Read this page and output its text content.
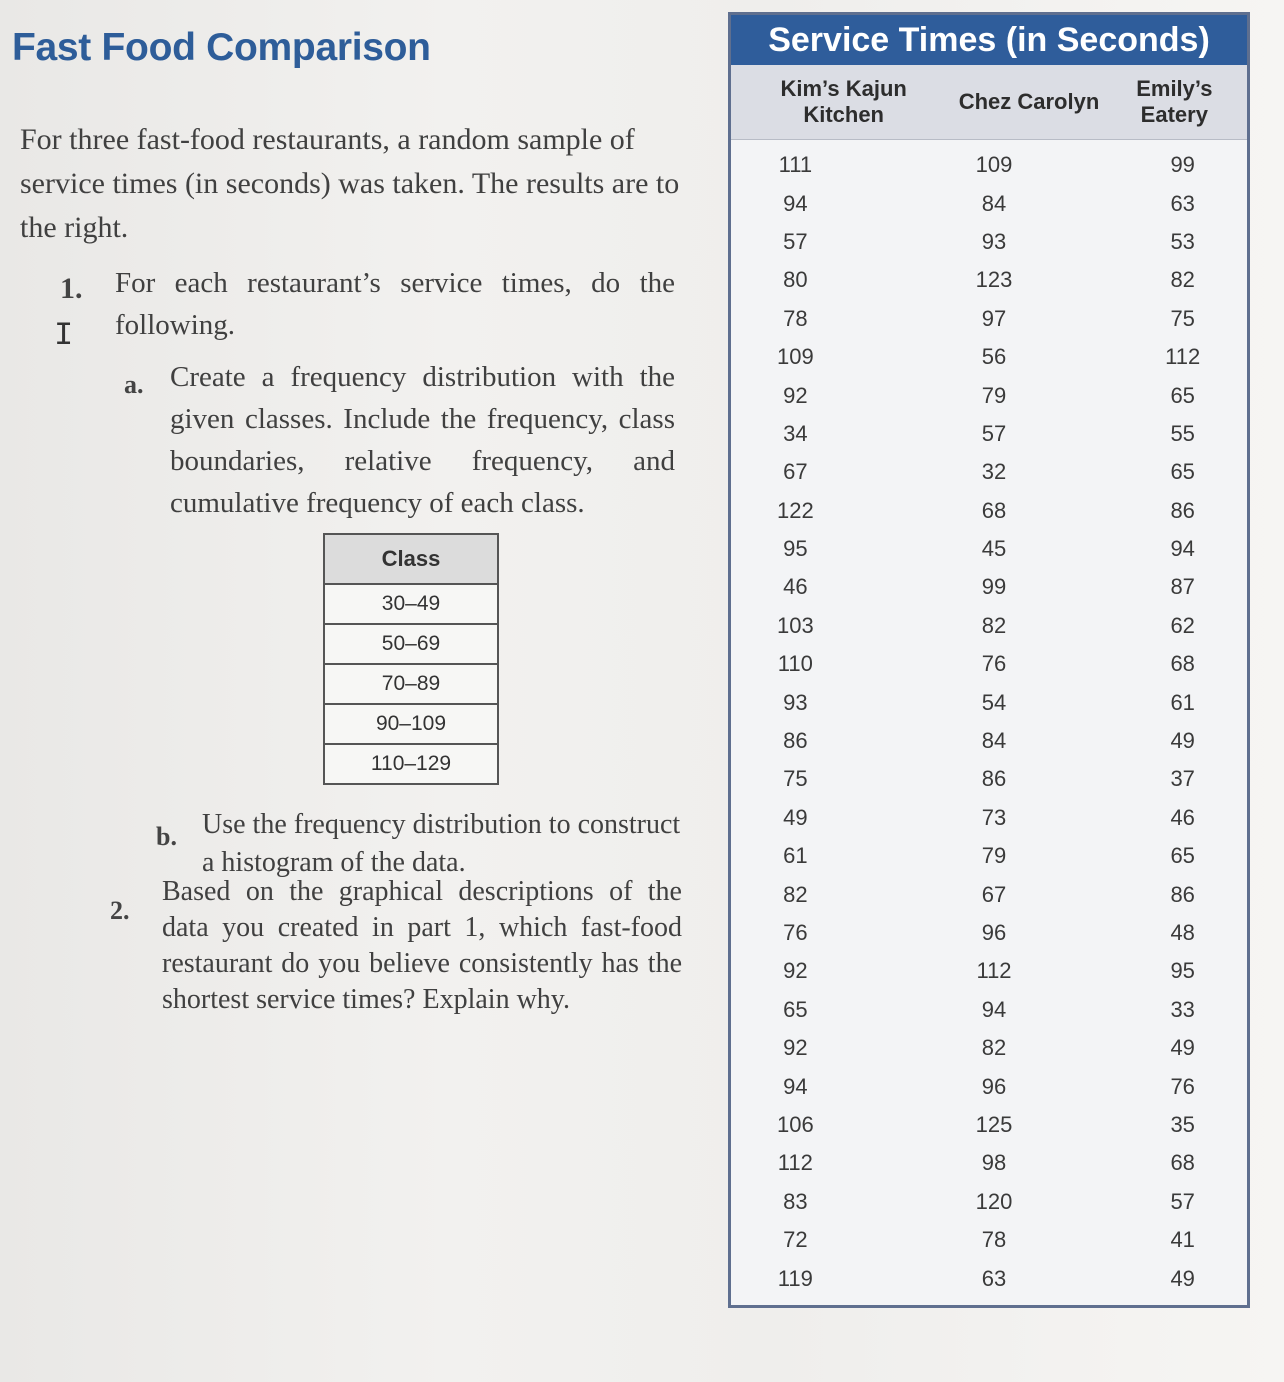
Fast Food Comparison
For three fast-food restaurants, a random sample of service times (in seconds) was taken. The results are to the right.
1. For each restaurant’s service times, do the following.
I
a. Create a frequency distribution with the given classes. Include the frequency, class boundaries, relative frequency, and cumulative frequency of each class.
Class
30–49
50–69
70–89
90–109
110–129
b. Use the frequency distribution to construct a histogram of the data.
2.
Based on the graphical descriptions of the data you created in part 1, which fast-food restaurant do you believe consistently has the shortest service times? Explain why.
Service Times (in Seconds)
Kim’s Kajun Kitchen
Chez Carolyn
Emily’s Eatery
111	109	99
94	84	63
57	93	53
80	123	82
78	97	75
109	56	112
92	79	65
34	57	55
67	32	65
122	68	86
95	45	94
46	99	87
103	82	62
110	76	68
93	54	61
86	84	49
75	86	37
49	73	46
61	79	65
82	67	86
76	96	48
92	112	95
65	94	33
92	82	49
94	96	76
106	125	35
112	98	68
83	120	57
72	78	41
119	63	49
